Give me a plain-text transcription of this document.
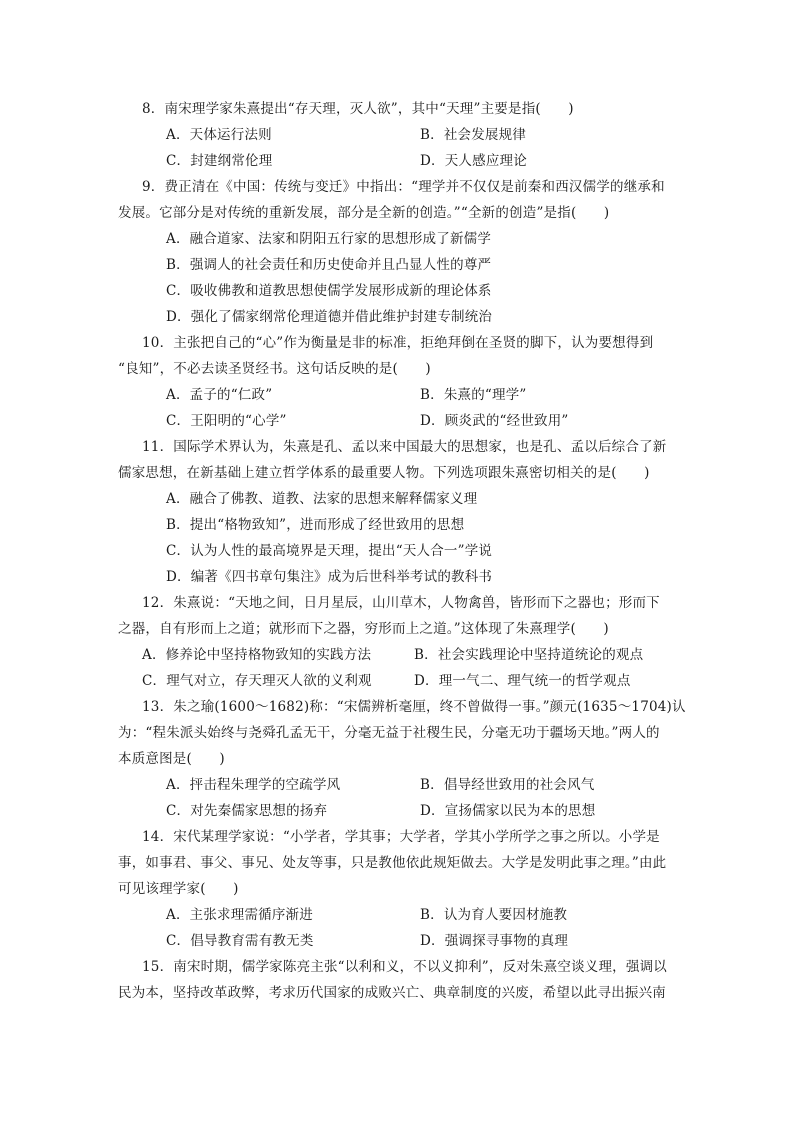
8．南宋理学家朱熹提出“存天理，灭人欲”，其中“天理”主要是指(　　)
A．天体运行法则	B．社会发展规律
C．封建纲常伦理	D．天人感应理论
9．费正清在《中国：传统与变迁》中指出：“理学并不仅仅是前秦和西汉儒学的继承和
发展。它部分是对传统的重新发展，部分是全新的创造。”“全新的创造”是指(　　)
A．融合道家、法家和阴阳五行家的思想形成了新儒学
B．强调人的社会责任和历史使命并且凸显人性的尊严
C．吸收佛教和道教思想使儒学发展形成新的理论体系
D．强化了儒家纲常伦理道德并借此维护封建专制统治
10．主张把自己的“心”作为衡量是非的标准，拒绝拜倒在圣贤的脚下，认为要想得到
“良知”，不必去读圣贤经书。这句话反映的是(　　)
A．孟子的“仁政”	B．朱熹的“理学”
C．王阳明的“心学”	D．顾炎武的“经世致用”
11．国际学术界认为，朱熹是孔、孟以来中国最大的思想家，也是孔、孟以后综合了新
儒家思想，在新基础上建立哲学体系的最重要人物。下列选项跟朱熹密切相关的是(　　)
A．融合了佛教、道教、法家的思想来解释儒家义理
B．提出“格物致知”，进而形成了经世致用的思想
C．认为人性的最高境界是天理，提出“天人合一”学说
D．编著《四书章句集注》成为后世科举考试的教科书
12．朱熹说：“天地之间，日月星辰，山川草木，人物禽兽，皆形而下之器也；形而下
之器，自有形而上之道；就形而下之器，穷形而上之道。”这体现了朱熹理学(　　)
A．修养论中坚持格物致知的实践方法	B．社会实践理论中坚持道统论的观点
C．理气对立，存天理灭人欲的义利观	D．理一气二、理气统一的哲学观点
13．朱之瑜(1600～1682)称：“宋儒辨析毫厘，终不曾做得一事。”颜元(1635～1704)认
为：“程朱派头始终与尧舜孔孟无干，分毫无益于社稷生民，分毫无功于疆场天地。”两人的
本质意图是(　　)
A．抨击程朱理学的空疏学风	B．倡导经世致用的社会风气
C．对先秦儒家思想的扬弃	D．宣扬儒家以民为本的思想
14．宋代某理学家说：“小学者，学其事；大学者，学其小学所学之事之所以。小学是
事，如事君、事父、事兄、处友等事，只是教他依此规矩做去。大学是发明此事之理。”由此
可见该理学家(　　)
A．主张求理需循序渐进	B．认为育人要因材施教
C．倡导教育需有教无类	D．强调探寻事物的真理
15．南宋时期，儒学家陈亮主张“以利和义，不以义抑利”，反对朱熹空谈义理，强调以
民为本，坚持改革政弊，考求历代国家的成败兴亡、典章制度的兴废，希望以此寻出振兴南
